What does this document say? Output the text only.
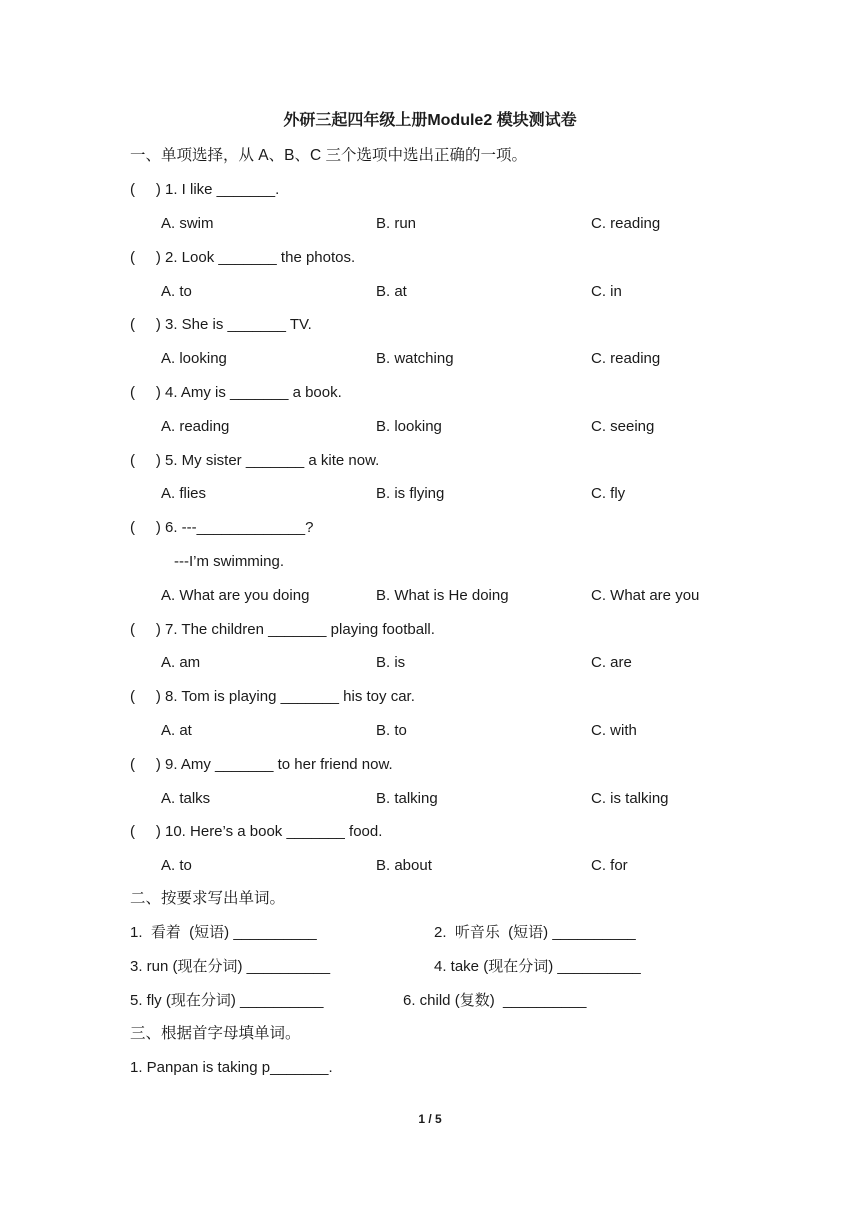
外研三起四年级上册Module2 模块测试卷
一、单项选择，从 A、B、C 三个选项中选出正确的一项。
(     ) 1. I like _______.
A. swim	B. run	C. reading
(     ) 2. Look _______ the photos.
A. to	B. at	C. in
(     ) 3. She is _______ TV.
A. looking	B. watching	C. reading
(     ) 4. Amy is _______ a book.
A. reading	B. looking	C. seeing
(     ) 5. My sister _______ a kite now.
A. flies	B. is flying	C. fly
(     ) 6. ---_____________?
---I’m swimming.
A. What are you doing	B. What is He doing	C. What are you
(     ) 7. The children _______ playing football.
A. am	B. is	C. are
(     ) 8. Tom is playing _______ his toy car.
A. at	B. to	C. with
(     ) 9. Amy _______ to her friend now.
A. talks	B. talking	C. is talking
(     ) 10. Here’s a book _______ food.
A. to	B. about	C. for
二、按要求写出单词。
1.  看着  (短语) __________	2.  听音乐  (短语) __________
3. run (现在分词) __________	4. take (现在分词) __________
5. fly (现在分词) __________	6. child (复数)  __________
三、根据首字母填单词。
1. Panpan is taking p_______.
1 / 5
